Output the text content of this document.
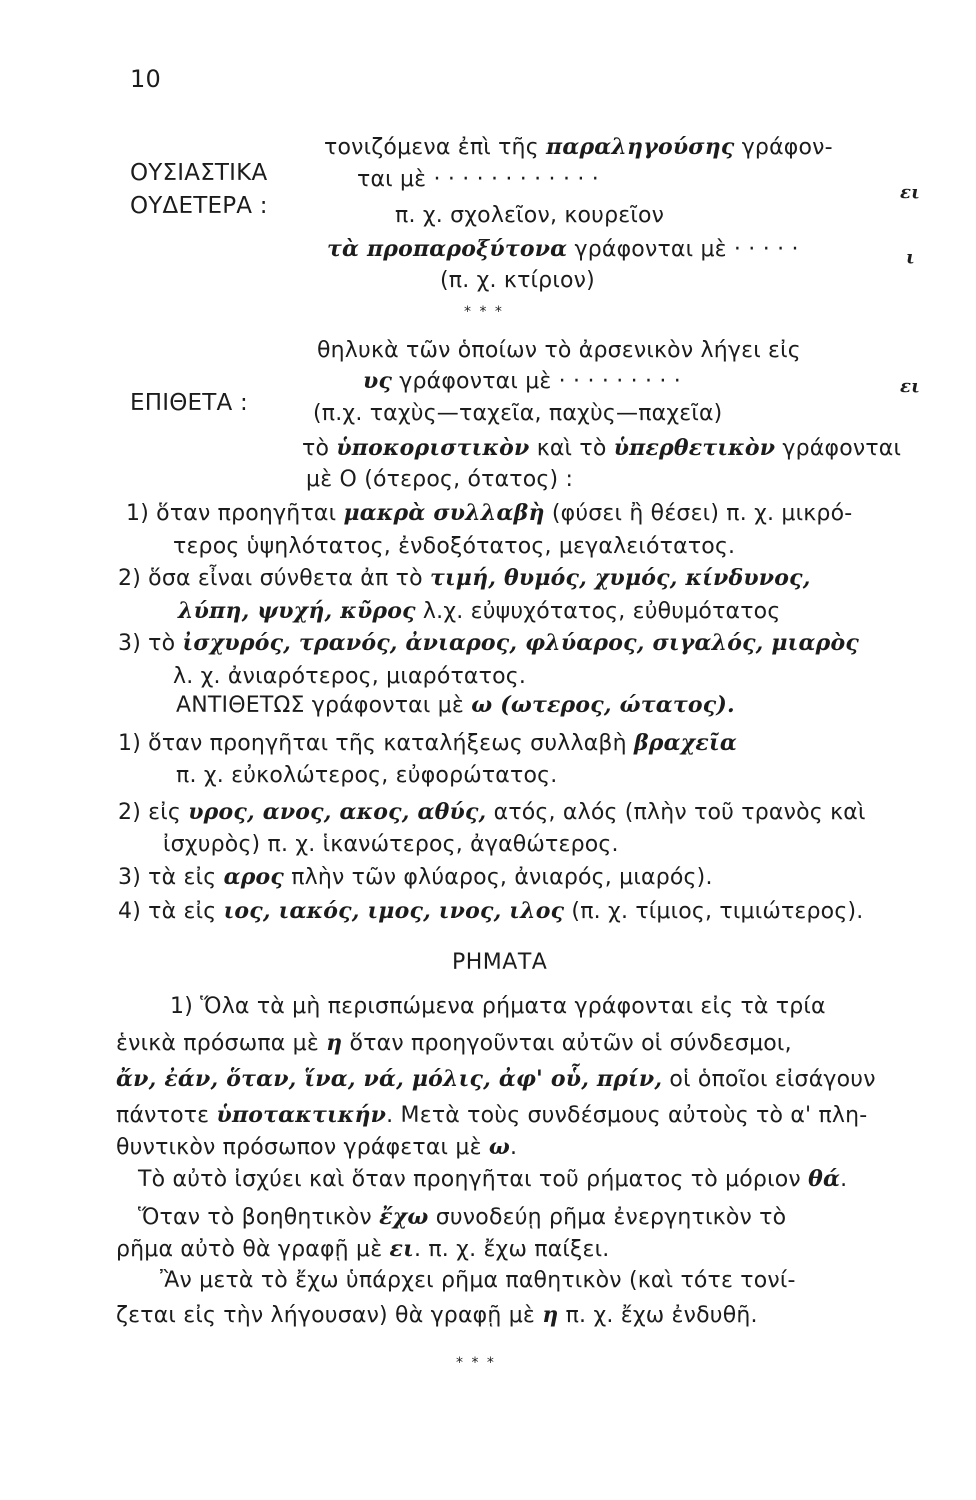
10
ΟΥΣΙΑΣΤΙΚΑ
ΟΥΔΕΤΕΡΑ :
ΕΠΙΘΕΤΑ :
ει
ι
ει
τονιζόμενα ἐπὶ τῆς παραληγούσης γράφον-
ται μὲ · · · · · · · · · · · ·
π. χ. σχολεῖον, κουρεῖον
τὰ προπαροξύτονα γράφονται μὲ · · · · ·
(π. χ. κτίριον)
* * *
θηλυκὰ τῶν ὁποίων τὸ ἀρσενικὸν λήγει εἰς
υς γράφονται μὲ · · · · · · · · ·
(π.χ. ταχὺς—ταχεῖα, παχὺς—παχεῖα)
τὸ ὑποκοριστικὸν καὶ τὸ ὑπερθετικὸν γράφονται
μὲ Ο (ότερος, ότατος) :
1) ὅταν προηγῆται μακρὰ συλλαβὴ (φύσει ἢ θέσει) π. χ. μικρό-
τερος ὑψηλότατος, ἐνδοξότατος, μεγαλειότατος.
2) ὅσα εἶναι σύνθετα ἀπ τὸ τιμή, θυμός, χυμός, κίνδυνος,
λύπη, ψυχή, κῦρος λ.χ. εὐψυχότατος, εὐθυμότατος
3) τὸ ἰσχυρός, τρανός, ἀνιαρος, φλύαρος, σιγαλός, μιαρὸς
λ. χ. ἀνιαρότερος, μιαρότατος.
ΑΝΤΙΘΕΤΩΣ γράφονται μὲ ω (ωτερος, ώτατος).
1) ὅταν προηγῆται τῆς καταλήξεως συλλαβὴ βραχεῖα
π. χ. εὐκολώτερος, εὐφορώτατος.
2) εἰς υρος, ανος, ακος, αθύς, ατός, αλός (πλὴν τοῦ τρανὸς καὶ
ἰσχυρὸς) π. χ. ἱκανώτερος, ἀγαθώτερος.
3) τὰ εἰς αρος πλὴν τῶν φλύαρος, ἀνιαρός, μιαρός).
4) τὰ εἰς ιος, ιακός, ιμος, ινος, ιλος (π. χ. τίμιος, τιμιώτερος).
ΡΗΜΑΤΑ
1) Ὅλα τὰ μὴ περισπώμενα ρήματα γράφονται εἰς τὰ τρία
ἑνικὰ πρόσωπα μὲ η ὅταν προηγοῦνται αὐτῶν οἱ σύνδεσμοι,
ἄν, ἐάν, ὅταν, ἵνα, νά, μόλις, ἀφ' οὗ, πρίν, οἱ ὁποῖοι εἰσάγουν
πάντοτε ὑποτακτικήν. Μετὰ τοὺς συνδέσμους αὐτοὺς τὸ α' πλη-
θυντικὸν πρόσωπον γράφεται μὲ ω.
Τὸ αὐτὸ ἰσχύει καὶ ὅταν προηγῆται τοῦ ρήματος τὸ μόριον θά.
Ὅταν τὸ βοηθητικὸν ἔχω συνοδεύῃ ρῆμα ἐνεργητικὸν τὸ
ρῆμα αὐτὸ θὰ γραφῇ μὲ ει. π. χ. ἔχω παίξει.
Ἂν μετὰ τὸ ἔχω ὑπάρχει ρῆμα παθητικὸν (καὶ τότε τονί-
ζεται εἰς τὴν λήγουσαν) θὰ γραφῇ μὲ η π. χ. ἔχω ἐνδυθῆ.
* * *
